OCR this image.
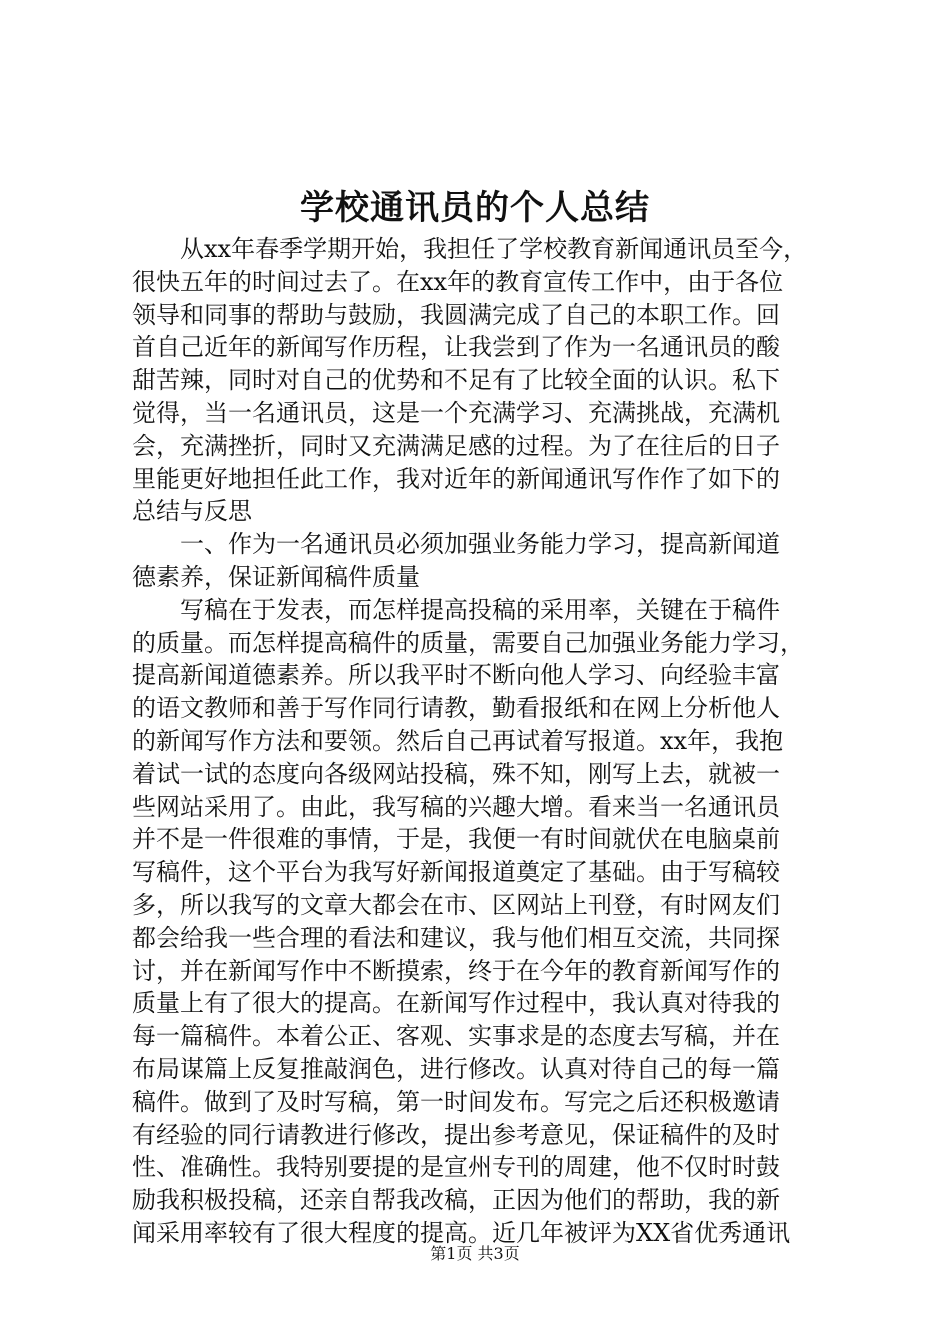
学校通讯员的个人总结
　　从xx年春季学期开始，我担任了学校教育新闻通讯员至今，
很快五年的时间过去了。在xx年的教育宣传工作中，由于各位
领导和同事的帮助与鼓励，我圆满完成了自己的本职工作。回
首自己近年的新闻写作历程，让我尝到了作为一名通讯员的酸
甜苦辣，同时对自己的优势和不足有了比较全面的认识。私下
觉得，当一名通讯员，这是一个充满学习、充满挑战，充满机
会，充满挫折，同时又充满满足感的过程。为了在往后的日子
里能更好地担任此工作，我对近年的新闻通讯写作作了如下的
总结与反思
　　一、作为一名通讯员必须加强业务能力学习，提高新闻道
德素养，保证新闻稿件质量
　　写稿在于发表，而怎样提高投稿的采用率，关键在于稿件
的质量。而怎样提高稿件的质量，需要自己加强业务能力学习，
提高新闻道德素养。所以我平时不断向他人学习、向经验丰富
的语文教师和善于写作同行请教，勤看报纸和在网上分析他人
的新闻写作方法和要领。然后自己再试着写报道。xx年，我抱
着试一试的态度向各级网站投稿，殊不知，刚写上去，就被一
些网站采用了。由此，我写稿的兴趣大增。看来当一名通讯员
并不是一件很难的事情，于是，我便一有时间就伏在电脑桌前
写稿件，这个平台为我写好新闻报道奠定了基础。由于写稿较
多，所以我写的文章大都会在市、区网站上刊登，有时网友们
都会给我一些合理的看法和建议，我与他们相互交流，共同探
讨，并在新闻写作中不断摸索，终于在今年的教育新闻写作的
质量上有了很大的提高。在新闻写作过程中，我认真对待我的
每一篇稿件。本着公正、客观、实事求是的态度去写稿，并在
布局谋篇上反复推敲润色，进行修改。认真对待自己的每一篇
稿件。做到了及时写稿，第一时间发布。写完之后还积极邀请
有经验的同行请教进行修改，提出参考意见，保证稿件的及时
性、准确性。我特别要提的是宣州专刊的周建，他不仅时时鼓
励我积极投稿，还亲自帮我改稿，正因为他们的帮助，我的新
闻采用率较有了很大程度的提高。近几年被评为XX省优秀通讯
第1页 共3页
